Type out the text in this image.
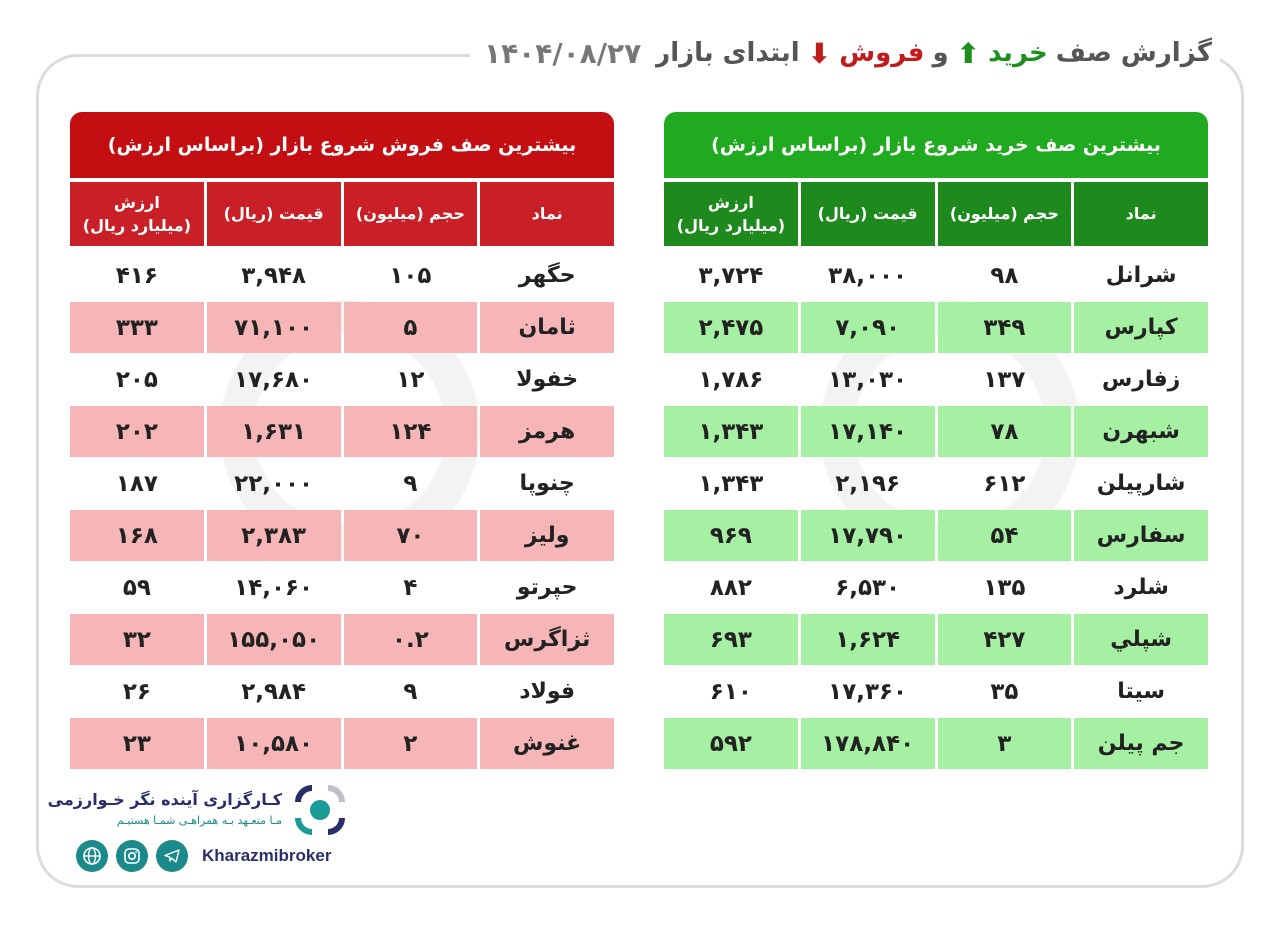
گزارش صف
خرید
⬆
و
فروش
⬇
ابتدای بازار
۱۴۰۴/۰۸/۲۷
بیشترین صف فروش شروع بازار (براساس ارزش)
نماد
حجم (میلیون)
قیمت (ریال)
ارزش
(میلیارد ریال)
حگهر
۱۰۵
۳,۹۴۸
۴۱۶
ثامان
۵
۷۱,۱۰۰
۳۳۳
خفولا
۱۲
۱۷,۶۸۰
۲۰۵
هرمز
۱۲۴
۱,۶۳۱
۲۰۲
چنوپا
۹
۲۲,۰۰۰
۱۸۷
ولیز
۷۰
۲,۳۸۳
۱۶۸
حپرتو
۴
۱۴,۰۶۰
۵۹
ثزاگرس
۰.۲
۱۵۵,۰۵۰
۳۲
فولاد
۹
۲,۹۸۴
۲۶
غنوش
۲
۱۰,۵۸۰
۲۳
بیشترین صف خرید شروع بازار (براساس ارزش)
نماد
حجم (میلیون)
قیمت (ریال)
ارزش
(میلیارد ریال)
شرانل
۹۸
۳۸,۰۰۰
۳,۷۲۴
کپارس
۳۴۹
۷,۰۹۰
۲,۴۷۵
زفارس
۱۳۷
۱۳,۰۳۰
۱,۷۸۶
شبهرن
۷۸
۱۷,۱۴۰
۱,۳۴۳
شارپیلن
۶۱۲
۲,۱۹۶
۱,۳۴۳
سفارس
۵۴
۱۷,۷۹۰
۹۶۹
شلرد
۱۳۵
۶,۵۳۰
۸۸۲
شپلي
۴۲۷
۱,۶۲۴
۶۹۳
سیتا
۳۵
۱۷,۳۶۰
۶۱۰
جم پیلن
۳
۱۷۸,۸۴۰
۵۹۲
کـارگزاری آینده نگر خـوارزمی
مـا متعـهد بـه همراهـی شمـا هستیـم
Kharazmibroker
